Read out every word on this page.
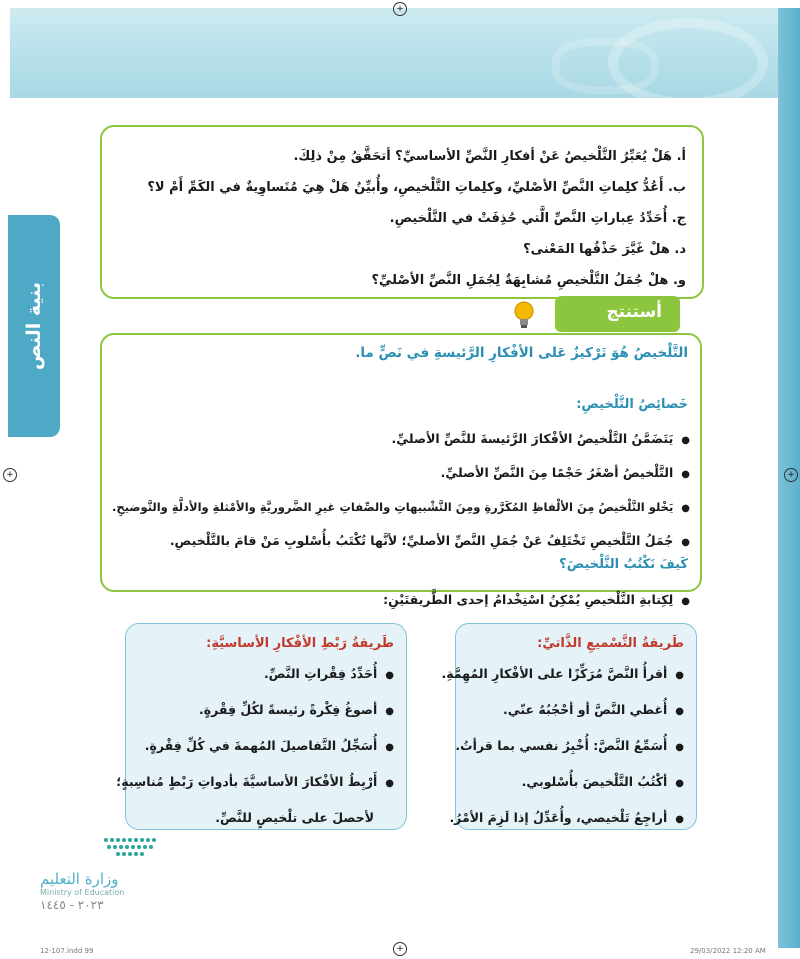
+
+	+
+
بنية النص
أ. هَلْ يُعَبِّرُ التَّلْخيصُ عَنْ أفكارِ النَّصِّ الأساسيِّ؟ أتحَقَّقُ مِنْ ذلِكَ.
ب. أَعُدُّ كلِماتِ النَّصِّ الأصْليِّ، وكلِماتِ التَّلْخيصِ، وأُبيِّنُ هَلْ هِيَ مُتَساوِيةٌ في الكَمِّ أَمْ لا؟
ج. أُحَدِّدُ عِباراتِ النَّصِّ الَّتي حُذِفَتْ في التَّلْخيصِ.
د. هلْ غَيَّرَ حَذْفُها المَعْنى؟
و. هلْ جُمَلُ التَّلْخيصِ مُشابِهَةٌ لِجُمَلِ النَّصِّ الأصْليِّ؟
أستنتج
التَّلْخيصُ هُوَ تَرْكيزٌ عَلى الأفْكارِ الرَّئيسةِ في نَصٍّ ما.
خَصائِصُ التَّلْخيصِ:
●يَتَضَمَّنُ التَّلْخيصُ الأفْكارَ الرَّئيسةَ للنَّصِّ الأصليِّ.
●التَّلْخيصُ أصْغَرُ حَجْمًا مِنَ النَّصِّ الأصليِّ.
●يَخْلو التَّلْخيصُ مِنَ الألْفاظِ المُكَرَّرةِ ومِنَ التَّشْبيهاتِ والصِّفاتِ غيرِ الضَّروريَّةِ والأمْثلةِ والأدلَّةِ والتَّوضيحِ.
●جُمَلُ التَّلْخيصِ تَخْتَلِفُ عَنْ جُمَلِ النَّصِّ الأصليِّ؛ لأنَّها تُكْتَبُ بأُسْلوبِ مَنْ قامَ بالتَّلْخيصِ.
كَيفَ نَكْتُبُ التَّلْخيصَ؟
●لِكِتابةِ التَّلْخيصِ يُمْكِنُ اسْتِخْدامُ إحدى الطَّريقتَيْنِ:
طَريقةُ التَّسْميعِ الذَّاتيِّ:
●أقرأُ النَّصَّ مُرَكِّزًا على الأفْكارِ المُهِمَّةِ.
●أُغطي النَّصَّ أو أحْجُبُهُ عنّي.
●أُسَمِّعُ النَّصَّ: أُخْبِرُ نفسي بما قرأتُ.
●أكْتُبُ التَّلْخيصَ بأُسْلوبي.
●أراجِعُ تَلْخيصي، وأُعَدِّلُ إذا لَزِمَ الأمْرُ.
طَريقةُ رَبْطِ الأفْكارِ الأساسيَّةِ:
●أُحَدِّدُ فِقْراتِ النَّصِّ.
●أصوغُ فِكْرةً رئيسةً لكُلِّ فِقْرةٍ.
●أُسَجِّلُ التَّفاصيلَ المُهمةَ في كُلِّ فِقْرةٍ.
●أَرْبِطُ الأفْكارَ الأساسيَّةَ بأدواتِ رَبْطٍ مُناسِبةٍ؛
لأحصلَ على تلْخيصٍ للنَّصِّ.
وزارة التعليم
Ministry of Education
٢٠٢٣ - ١٤٤٥
12-107.indd 99	29/03/2022 12:20 AM
